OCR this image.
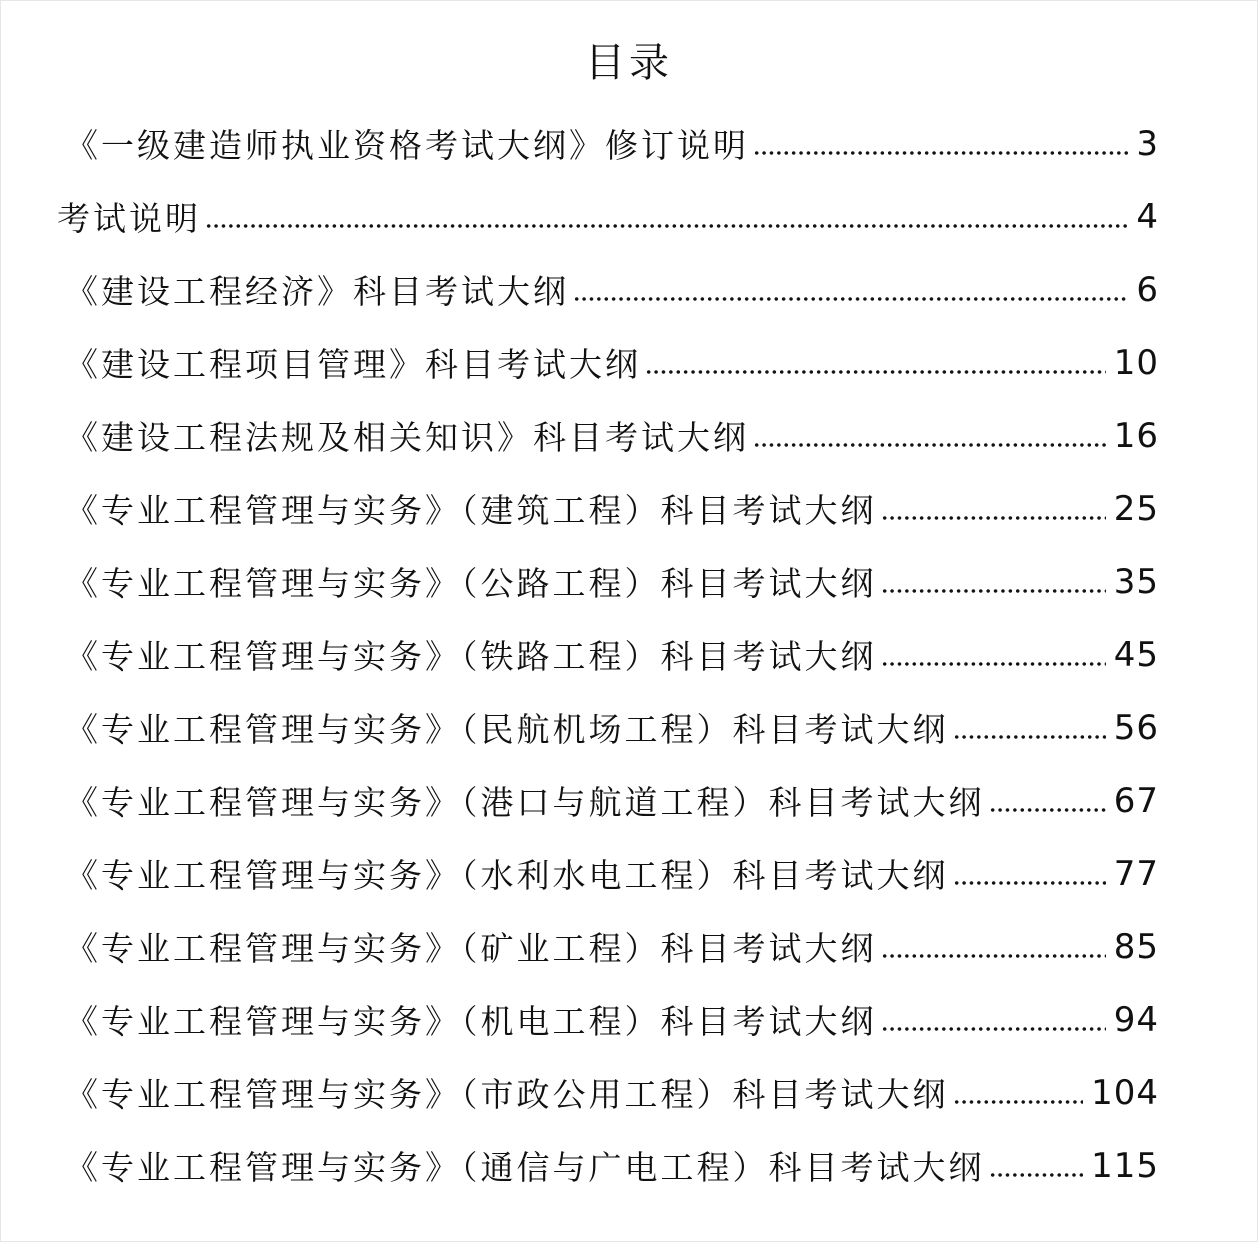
目录
《一级建造师执业资格考试大纲》修订说明	3
考试说明	4
《建设工程经济》科目考试大纲	6
《建设工程项目管理》科目考试大纲	10
《建设工程法规及相关知识》科目考试大纲	16
《专业工程管理与实务》（建筑工程）科目考试大纲	25
《专业工程管理与实务》（公路工程）科目考试大纲	35
《专业工程管理与实务》（铁路工程）科目考试大纲	45
《专业工程管理与实务》（民航机场工程）科目考试大纲	56
《专业工程管理与实务》（港口与航道工程）科目考试大纲	67
《专业工程管理与实务》（水利水电工程）科目考试大纲	77
《专业工程管理与实务》（矿业工程）科目考试大纲	85
《专业工程管理与实务》（机电工程）科目考试大纲	94
《专业工程管理与实务》（市政公用工程）科目考试大纲	104
《专业工程管理与实务》（通信与广电工程）科目考试大纲	115
